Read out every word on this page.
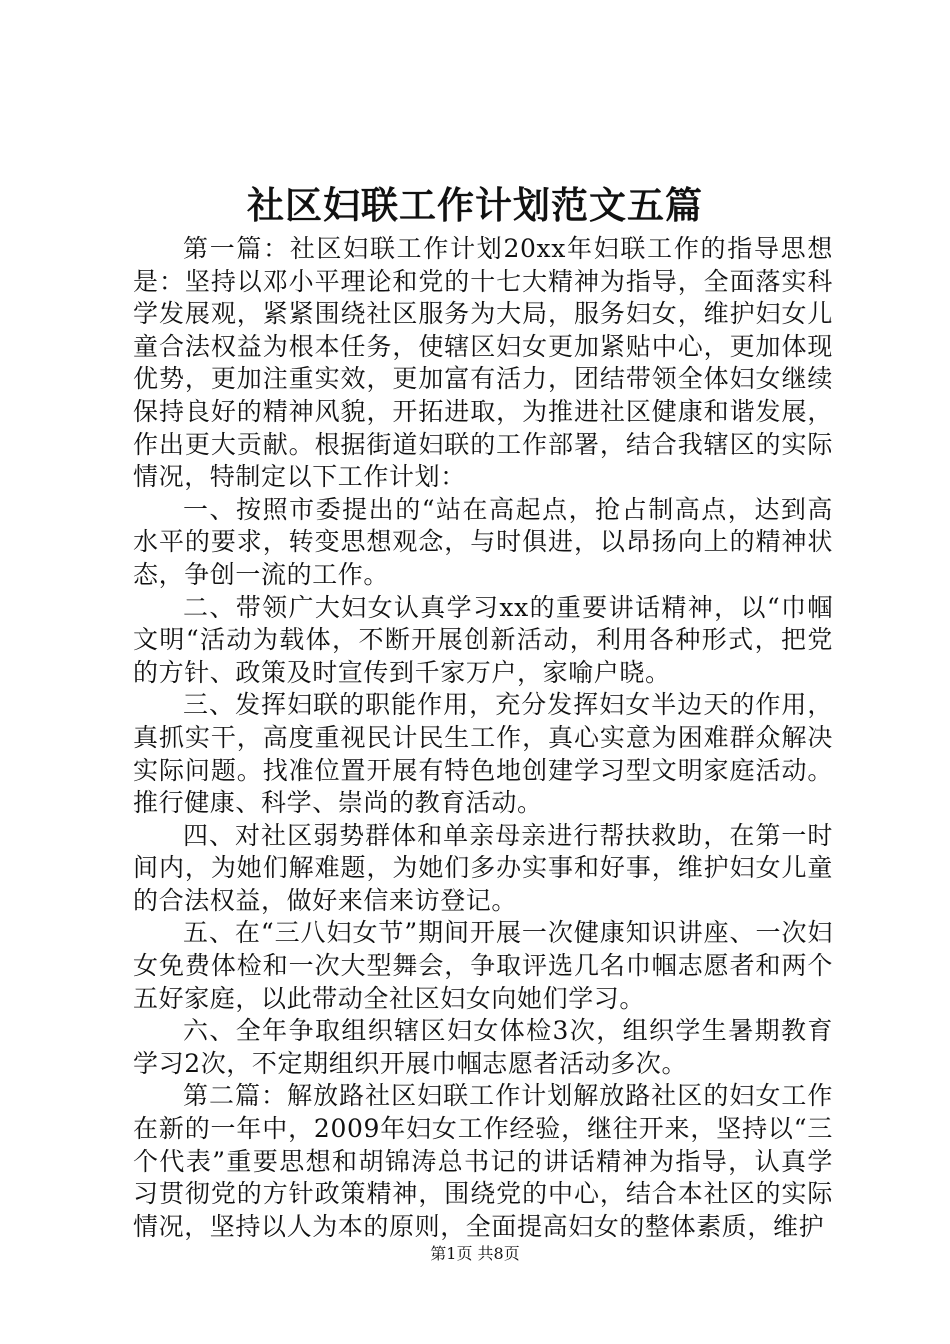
社区妇联工作计划范文五篇

第一篇：社区妇联工作计划20xx年妇联工作的指导思想是：坚持以邓小平理论和党的十七大精神为指导，全面落实科学发展观，紧紧围绕社区服务为大局，服务妇女，维护妇女儿童合法权益为根本任务，使辖区妇女更加紧贴中心，更加体现优势，更加注重实效，更加富有活力，团结带领全体妇女继续保持良好的精神风貌，开拓进取，为推进社区健康和谐发展，作出更大贡献。根据街道妇联的工作部署，结合我辖区的实际情况，特制定以下工作计划：

一、按照市委提出的“站在高起点，抢占制高点，达到高水平的要求，转变思想观念，与时俱进，以昂扬向上的精神状态，争创一流的工作。

二、带领广大妇女认真学习xx的重要讲话精神，以“巾帼文明“活动为载体，不断开展创新活动，利用各种形式，把党的方针、政策及时宣传到千家万户，家喻户晓。

三、发挥妇联的职能作用，充分发挥妇女半边天的作用，真抓实干，高度重视民计民生工作，真心实意为困难群众解决实际问题。找准位置开展有特色地创建学习型文明家庭活动。推行健康、科学、崇尚的教育活动。

四、对社区弱势群体和单亲母亲进行帮扶救助，在第一时间内，为她们解难题，为她们多办实事和好事，维护妇女儿童的合法权益，做好来信来访登记。

五、在“三八妇女节”期间开展一次健康知识讲座、一次妇女免费体检和一次大型舞会，争取评选几名巾帼志愿者和两个五好家庭，以此带动全社区妇女向她们学习。

六、全年争取组织辖区妇女体检3次，组织学生暑期教育学习2次，不定期组织开展巾帼志愿者活动多次。

第二篇：解放路社区妇联工作计划解放路社区的妇女工作在新的一年中，2009年妇女工作经验，继往开来，坚持以“三个代表”重要思想和胡锦涛总书记的讲话精神为指导，认真学习贯彻党的方针政策精神，围绕党的中心，结合本社区的实际情况，坚持以人为本的原则，全面提高妇女的整体素质，维护

第1页 共8页
